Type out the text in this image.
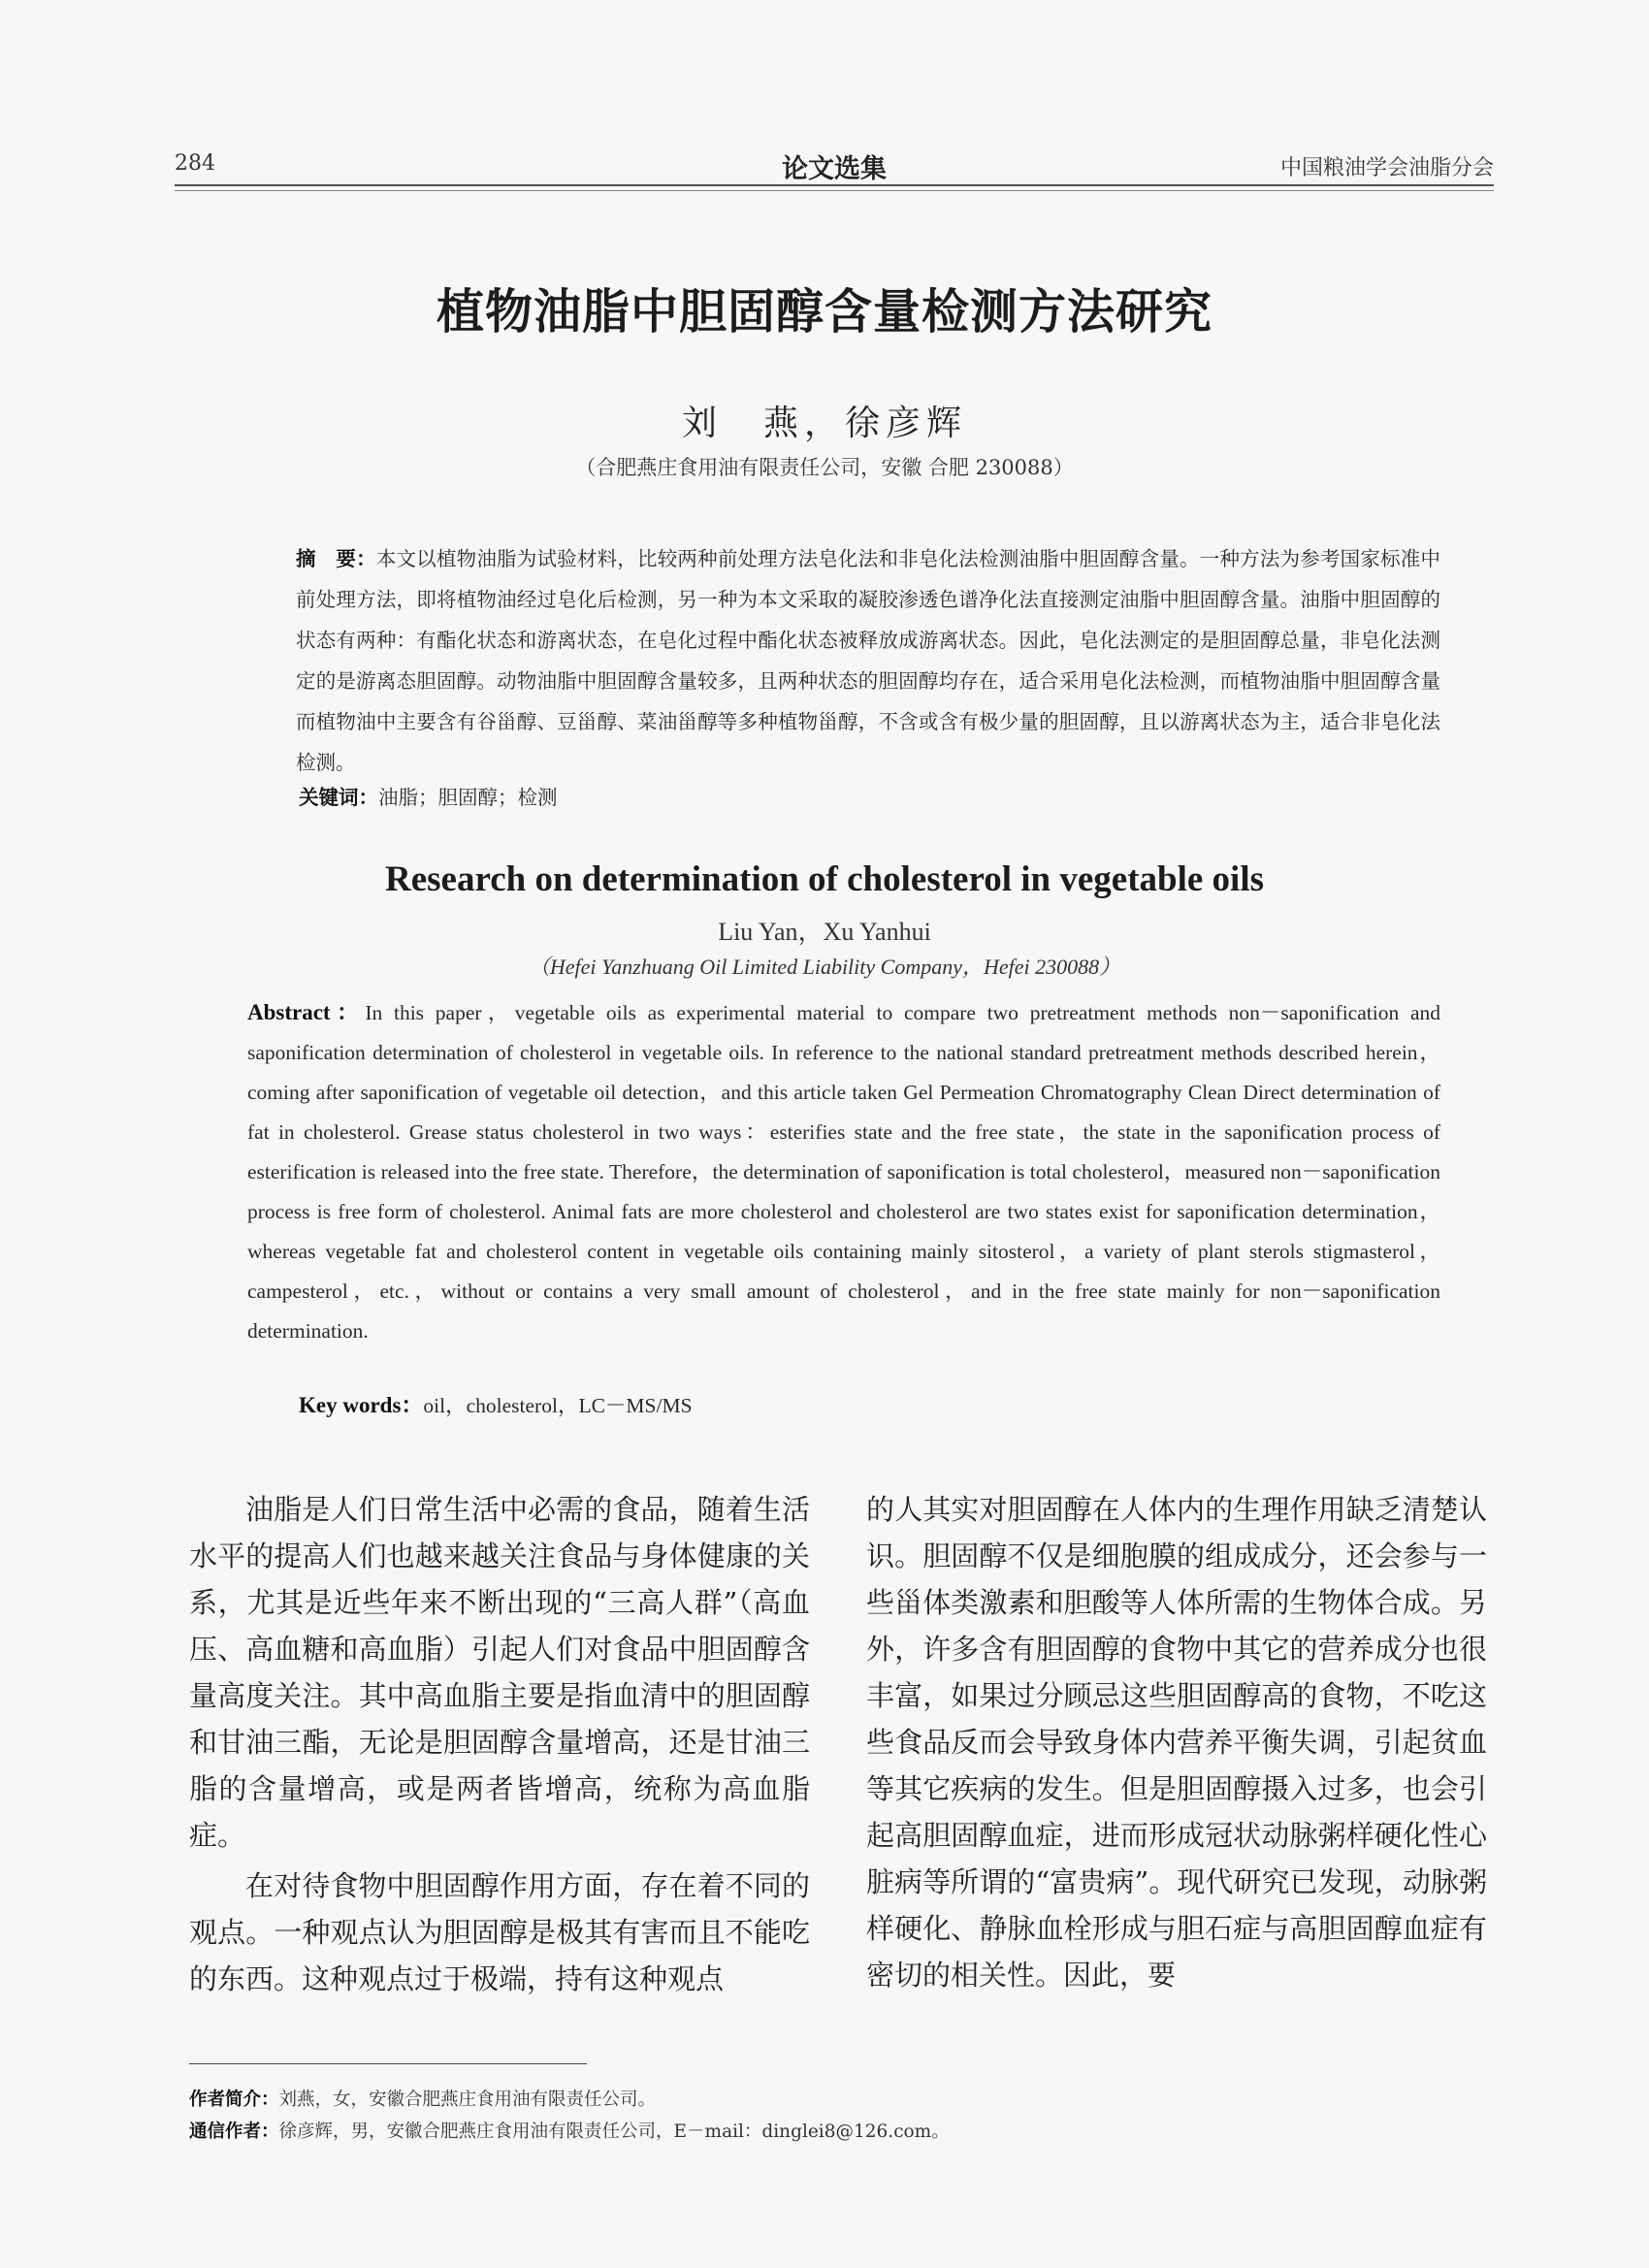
284	论文选集	中国粮油学会油脂分会
植物油脂中胆固醇含量检测方法研究
刘　燕，徐彦辉
（合肥燕庄食用油有限责任公司，安徽 合肥 230088）
摘　要：本文以植物油脂为试验材料，比较两种前处理方法皂化法和非皂化法检测油脂中胆固醇含量。一种方法为参考国家标准中前处理方法，即将植物油经过皂化后检测，另一种为本文采取的凝胶渗透色谱净化法直接测定油脂中胆固醇含量。油脂中胆固醇的状态有两种：有酯化状态和游离状态，在皂化过程中酯化状态被释放成游离状态。因此，皂化法测定的是胆固醇总量，非皂化法测定的是游离态胆固醇。动物油脂中胆固醇含量较多，且两种状态的胆固醇均存在，适合采用皂化法检测，而植物油脂中胆固醇含量而植物油中主要含有谷甾醇、豆甾醇、菜油甾醇等多种植物甾醇，不含或含有极少量的胆固醇，且以游离状态为主，适合非皂化法检测。
关键词：油脂；胆固醇；检测
Research on determination of cholesterol in vegetable oils
Liu Yan，Xu Yanhui
（Hefei Yanzhuang Oil Limited Liability Company，Hefei 230088）
Abstract：In this paper，vegetable oils as experimental material to compare two pretreatment methods non－saponification and saponification determination of cholesterol in vegetable oils. In reference to the national standard pretreatment methods described herein，coming after saponification of vegetable oil detection，and this article taken Gel Permeation Chromatography Clean Direct determination of fat in cholesterol. Grease status cholesterol in two ways：esterifies state and the free state，the state in the saponification process of esterification is released into the free state. Therefore，the determination of saponification is total cholesterol，measured non－saponification process is free form of cholesterol. Animal fats are more cholesterol and cholesterol are two states exist for saponification determination，whereas vegetable fat and cholesterol content in vegetable oils containing mainly sitosterol，a variety of plant sterols stigmasterol，campesterol，etc.，without or contains a very small amount of cholesterol，and in the free state mainly for non－saponification determination.
Key words：oil，cholesterol，LC－MS/MS

油脂是人们日常生活中必需的食品，随着生活水平的提高人们也越来越关注食品与身体健康的关系，尤其是近些年来不断出现的“三高人群”（高血压、高血糖和高血脂）引起人们对食品中胆固醇含量高度关注。其中高血脂主要是指血清中的胆固醇和甘油三酯，无论是胆固醇含量增高，还是甘油三脂的含量增高，或是两者皆增高，统称为高血脂症。

在对待食物中胆固醇作用方面，存在着不同的观点。一种观点认为胆固醇是极其有害而且不能吃的东西。这种观点过于极端，持有这种观点

的人其实对胆固醇在人体内的生理作用缺乏清楚认识。胆固醇不仅是细胞膜的组成成分，还会参与一些甾体类激素和胆酸等人体所需的生物体合成。另外，许多含有胆固醇的食物中其它的营养成分也很丰富，如果过分顾忌这些胆固醇高的食物，不吃这些食品反而会导致身体内营养平衡失调，引起贫血等其它疾病的发生。但是胆固醇摄入过多，也会引起高胆固醇血症，进而形成冠状动脉粥样硬化性心脏病等所谓的“富贵病”。现代研究已发现，动脉粥样硬化、静脉血栓形成与胆石症与高胆固醇血症有密切的相关性。因此，要

作者简介：刘燕，女，安徽合肥燕庄食用油有限责任公司。
通信作者：徐彦辉，男，安徽合肥燕庄食用油有限责任公司，E－mail：dinglei8@126.com。
